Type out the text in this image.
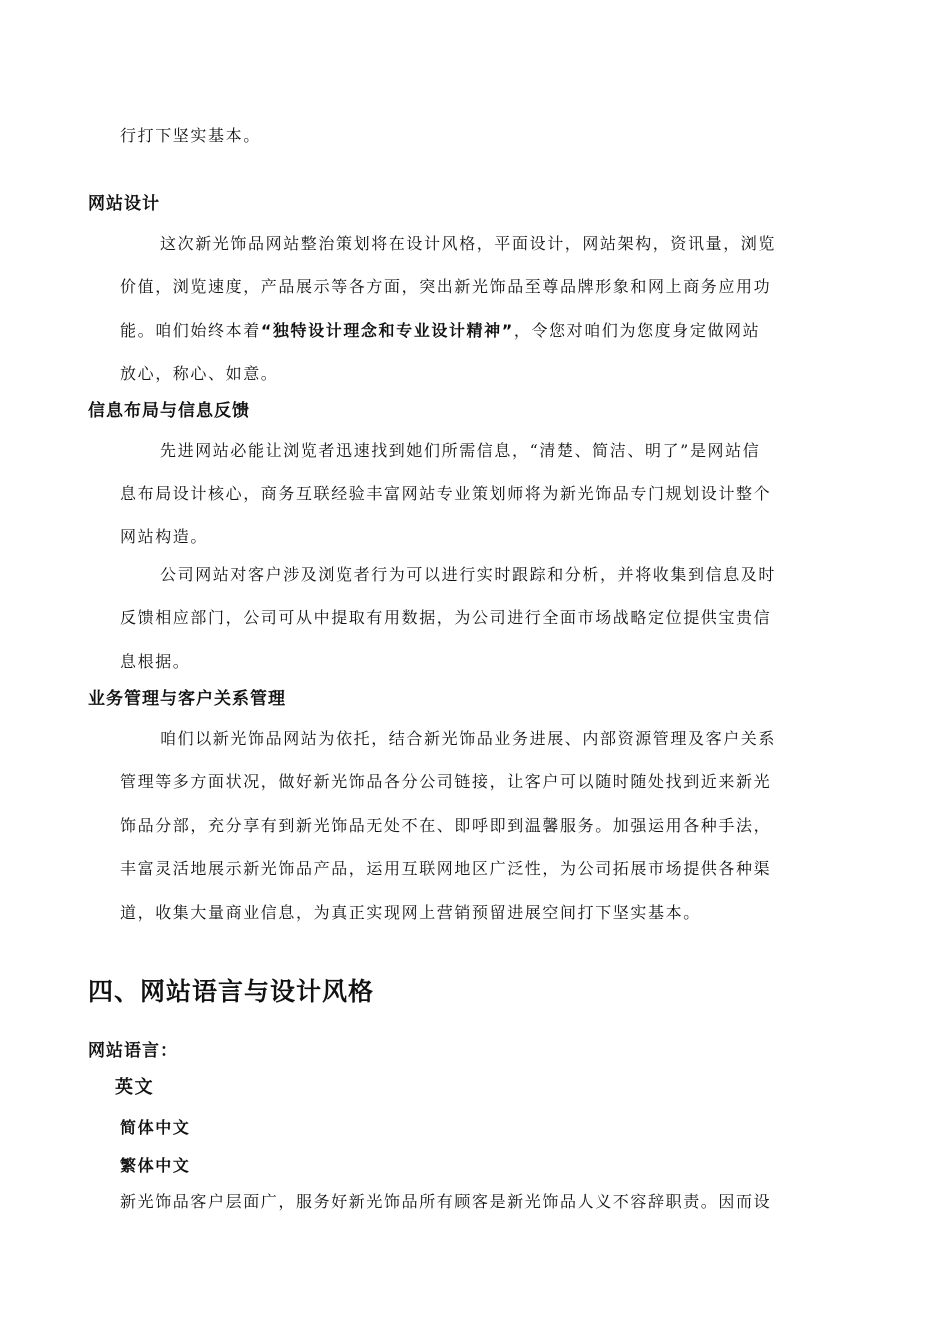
行打下坚实基本。
网站设计
这次新光饰品网站整治策划将在设计风格，平面设计，网站架构，资讯量，浏览
价值，浏览速度，产品展示等各方面，突出新光饰品至尊品牌形象和网上商务应用功
能。咱们始终本着“独特设计理念和专业设计精神”，令您对咱们为您度身定做网站
放心，称心、如意。
信息布局与信息反馈
先进网站必能让浏览者迅速找到她们所需信息，“清楚、简洁、明了”是网站信
息布局设计核心，商务互联经验丰富网站专业策划师将为新光饰品专门规划设计整个
网站构造。
公司网站对客户涉及浏览者行为可以进行实时跟踪和分析，并将收集到信息及时
反馈相应部门，公司可从中提取有用数据，为公司进行全面市场战略定位提供宝贵信
息根据。
业务管理与客户关系管理
咱们以新光饰品网站为依托，结合新光饰品业务进展、内部资源管理及客户关系
管理等多方面状况，做好新光饰品各分公司链接，让客户可以随时随处找到近来新光
饰品分部，充分享有到新光饰品无处不在、即呼即到温馨服务。加强运用各种手法，
丰富灵活地展示新光饰品产品，运用互联网地区广泛性，为公司拓展市场提供各种渠
道，收集大量商业信息，为真正实现网上营销预留进展空间打下坚实基本。
四、网站语言与设计风格
网站语言：
英文
简体中文
繁体中文
新光饰品客户层面广，服务好新光饰品所有顾客是新光饰品人义不容辞职责。因而设
